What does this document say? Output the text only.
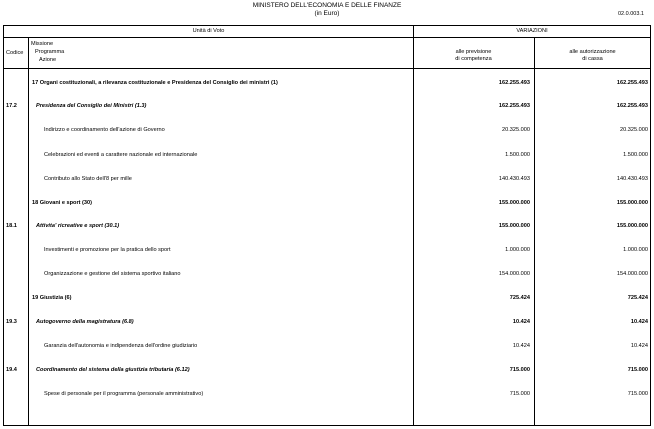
MINISTERO DELL'ECONOMIA E DELLE FINANZE
(in Euro)	02.0.003.1
Unità di Voto	VARIAZIONI
Codice
Missione
Programma
Azione
alle previsione
di competenza
alle autorizzazione
di cassa
17 Organi costituzionali, a rilevanza costituzionale e Presidenza del Consiglio dei ministri (1)	162.255.493	162.255.493
17.2	Presidenza del Consiglio dei Ministri (1.3)	162.255.493	162.255.493
Indirizzo e coordinamento dell'azione di Governo	20.325.000	20.325.000
Celebrazioni ed eventi a carattere nazionale ed internazionale	1.500.000	1.500.000
Contributo allo Stato dell'8 per mille	140.430.493	140.430.493
18 Giovani e sport (30)	155.000.000	155.000.000
18.1	Attivita' ricreative e sport (30.1)	155.000.000	155.000.000
Investimenti e promozione per la pratica dello sport	1.000.000	1.000.000
Organizzazione e gestione del sistema sportivo italiano	154.000.000	154.000.000
19 Giustizia (6)	725.424	725.424
19.3	Autogoverno della magistratura (6.8)	10.424	10.424
Garanzia dell'autonomia e indipendenza dell'ordine giudiziario	10.424	10.424
19.4	Coordinamento del sistema della giustizia tributaria (6.12)	715.000	715.000
Spese di personale per il programma (personale amministrativo)	715.000	715.000
